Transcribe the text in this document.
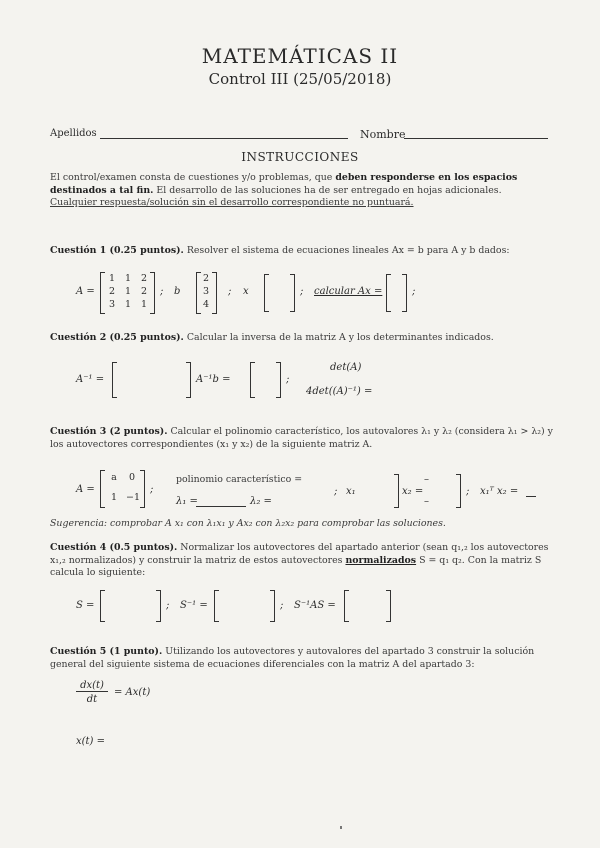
MATEMÁTICAS II
Control III (25/05/2018)
Apellidos	Nombre
INSTRUCCIONES
El control/examen consta de cuestiones y/o problemas, que deben responderse en los espacios destinados a tal fin. El desarrollo de las soluciones ha de ser entregado en hojas adicionales.
Cualquier respuesta/solución sin el desarrollo correspondiente no puntuará.
Cuestión 1 (0.25 puntos). Resolver el sistema de ecuaciones lineales Ax = b para A y b dados:
A =
1	1	2
2	1	2
3	1	1
; b
2
3
4
; x	; calcular Ax =	;
Cuestión 2 (0.25 puntos). Calcular la inversa de la matriz A y los determinantes indicados.
A⁻¹ =	A⁻¹b =	;
det(A)
4det((A)⁻¹) =
Cuestión 3 (2 puntos). Calcular el polinomio característico, los autovalores λ₁ y λ₂ (considera λ₁ > λ₂) y
los autovectores correspondientes (x₁ y x₂) de la siguiente matriz A.
A =
a	0
1 −1
;
polinomio característico =
λ₁ =	λ₂ =
; x₁	x₂ =
–
–
; x₁ᵀ x₂ =
Sugerencia: comprobar A x₁ con λ₁x₁ y Ax₂ con λ₂x₂ para comprobar las soluciones.
Cuestión 4 (0.5 puntos). Normalizar los autovectores del apartado anterior (sean q₁,₂ los autovectores
x₁,₂ normalizados) y construir la matriz de estos autovectores normalizados S = q₁ q₂. Con la matriz S
calcula lo siguiente:
S =	; S⁻¹ =	; S⁻¹AS =
Cuestión 5 (1 punto). Utilizando los autovectores y autovalores del apartado 3 construir la solución
general del siguiente sistema de ecuaciones diferenciales con la matriz A del apartado 3:
dx(t)
dt
= Ax(t)
x(t) =
